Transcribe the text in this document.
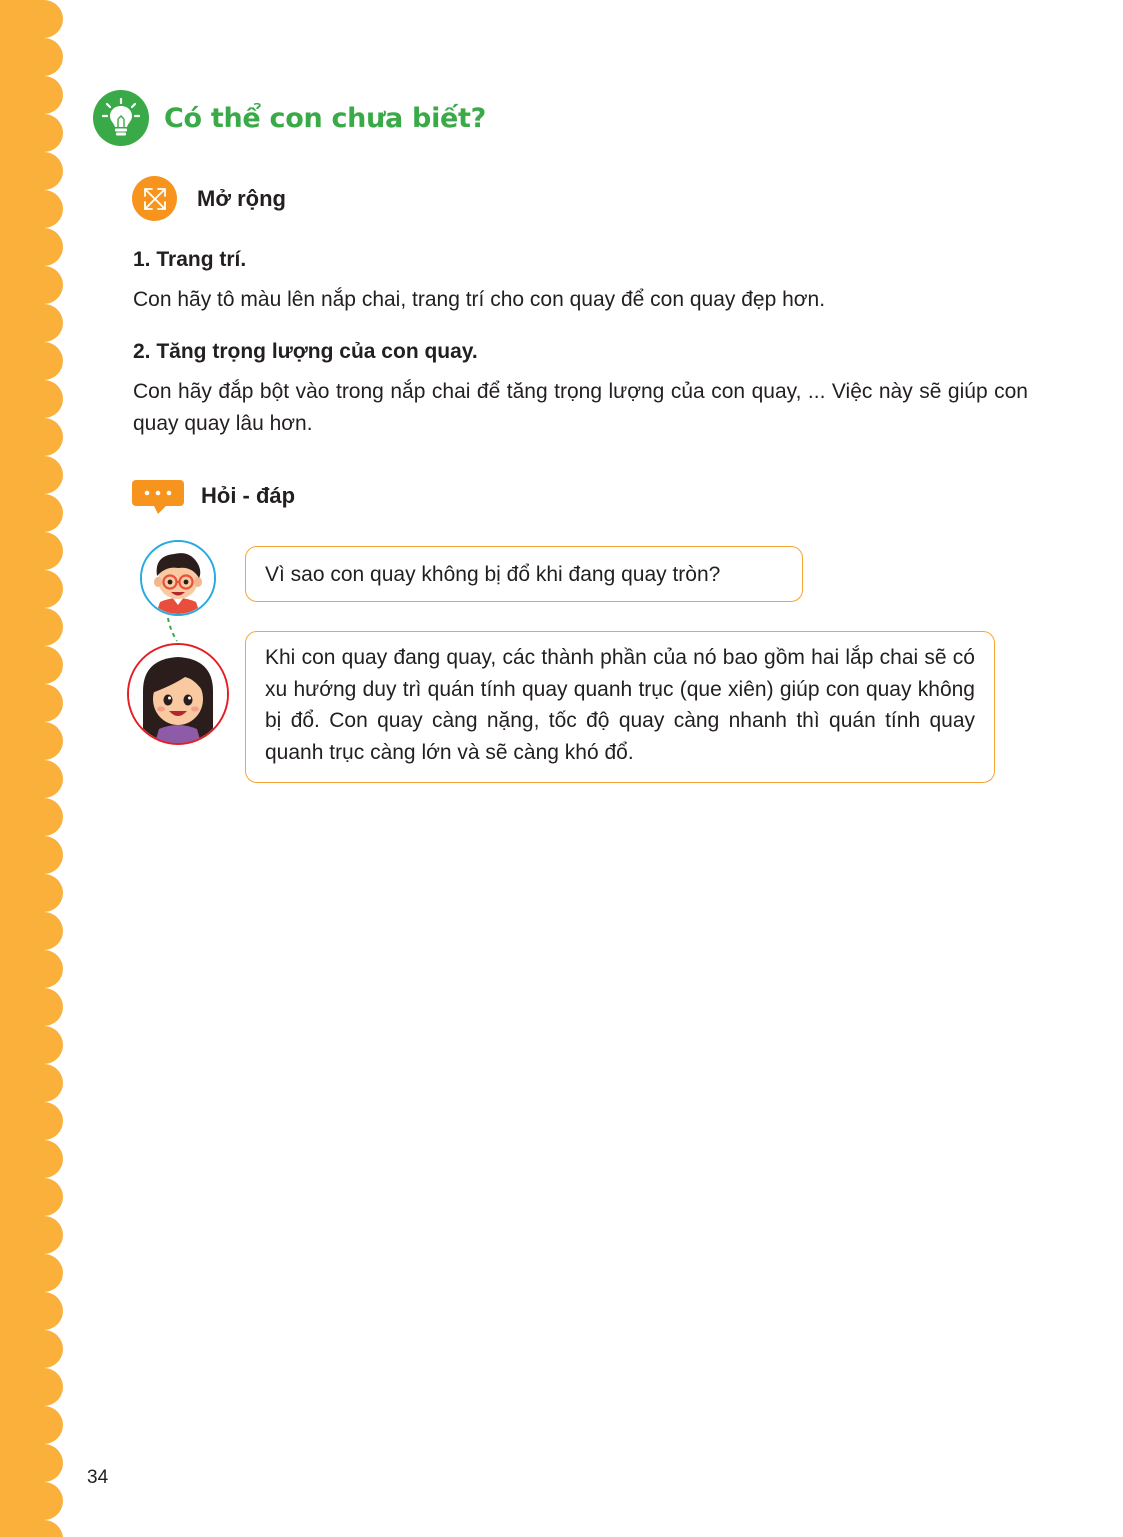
Có thể con chưa biết?
Mở rộng
1. Trang trí.
Con hãy tô màu lên nắp chai, trang trí cho con quay để con quay đẹp hơn.
2. Tăng trọng lượng của con quay.
Con hãy đắp bột vào trong nắp chai để tăng trọng lượng của con quay, ... Việc này sẽ giúp con quay quay lâu hơn.
Hỏi - đáp
Vì sao con quay không bị đổ khi đang quay tròn?
Khi con quay đang quay, các thành phần của nó bao gồm hai lắp chai sẽ có xu hướng duy trì quán tính quay quanh trục (que xiên) giúp con quay không bị đổ. Con quay càng nặng, tốc độ quay càng nhanh thì quán tính quay quanh trục càng lớn và sẽ càng khó đổ.
34
